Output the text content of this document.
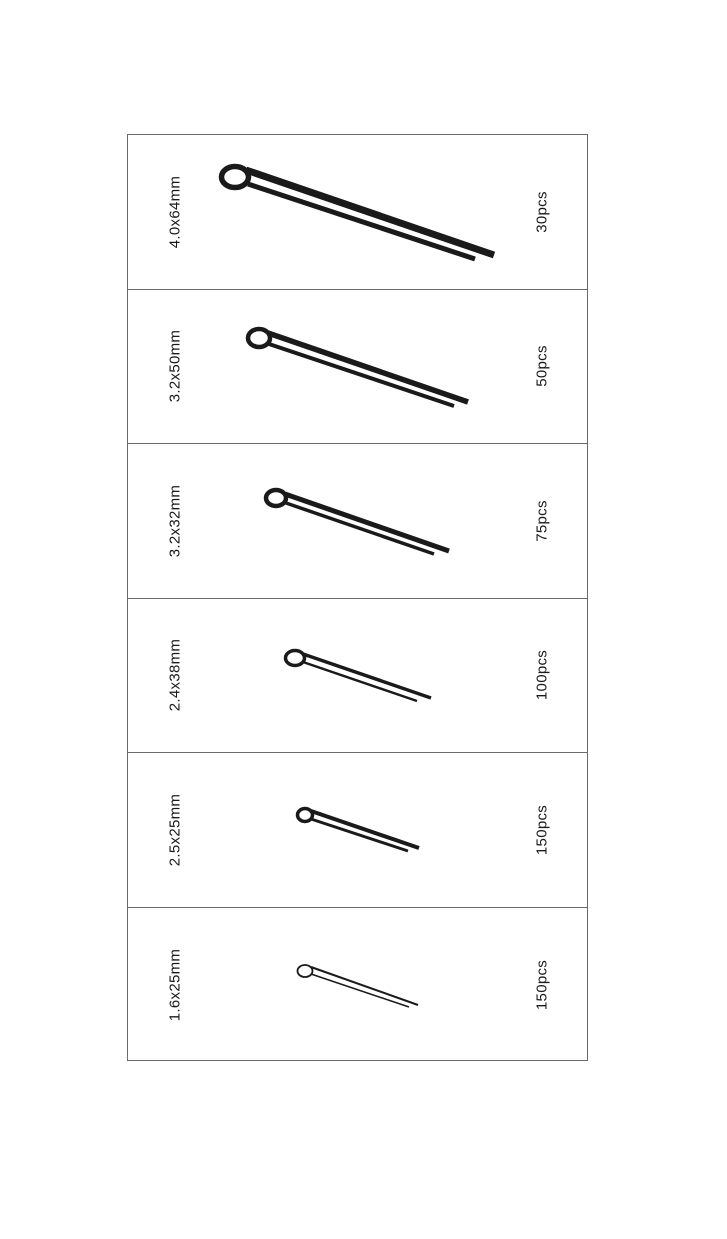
4.0x64mm	30pcs
3.2x50mm	50pcs
3.2x32mm	75pcs
2.4x38mm	100pcs
2.5x25mm	150pcs
1.6x25mm	150pcs
